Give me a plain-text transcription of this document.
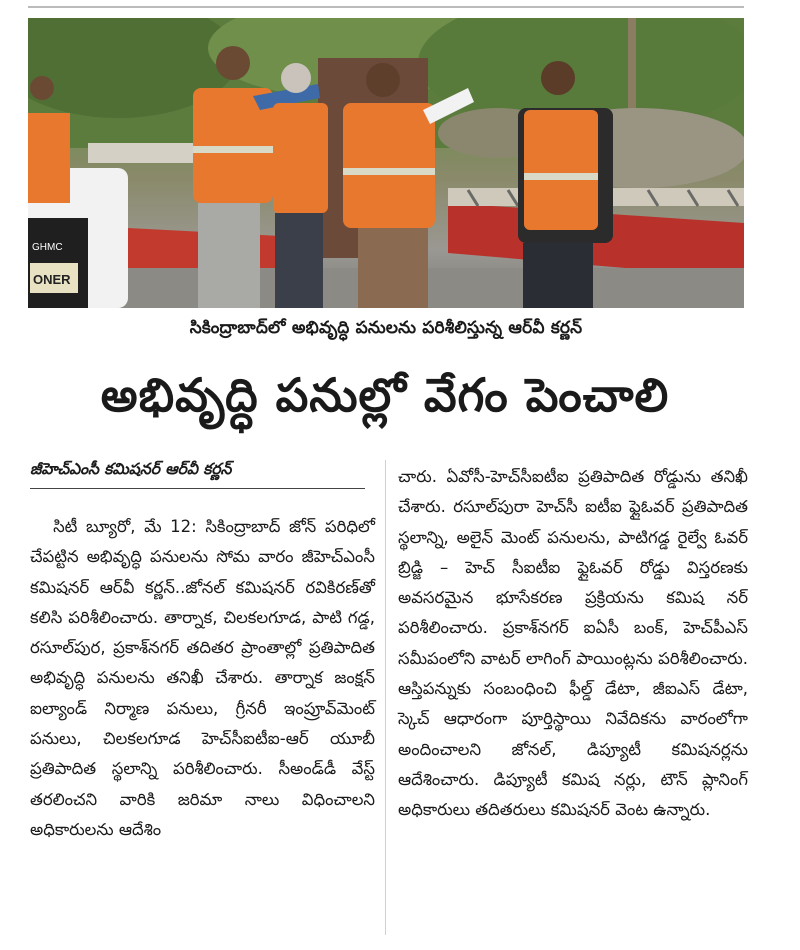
ONER
GHMC
సికింద్రాబాద్‌లో అభివృద్ధి పనులను పరిశీలిస్తున్న ఆర్‌వీ కర్ణన్
అభివృద్ధి పనుల్లో వేగం పెంచాలి
జీహెచ్‌ఎంసీ కమిషనర్ ఆర్‌వీ కర్ణన్

సిటీ బ్యూరో, మే 12: సికింద్రాబాద్ జోన్ పరిధిలో చేపట్టిన అభివృద్ధి పనులను సోమ వారం జీహెచ్‌ఎంసీ కమిషనర్ ఆర్‌వీ కర్ణన్..జోనల్ కమిషనర్ రవికిరణ్‌తో కలిసి పరిశీలించారు. తార్నాక, చిలకలగూడ, పాటి గడ్డ, రసూల్‌పుర, ప్రకాశ్‌నగర్ తదితర ప్రాంతాల్లో ప్రతిపాదిత అభివృద్ధి పనులను తనిఖీ చేశారు. తార్నాక జంక్షన్ ఐల్యాండ్ నిర్మాణ పనులు, గ్రీనరీ ఇంప్రూవ్‌మెంట్ పనులు, చిలకలగూడ హెచ్‌సీఐటీఐ-ఆర్ యూబీ ప్రతిపాదిత స్థలాన్ని పరిశీలించారు. సీఅండ్‌డీ వేస్ట్ తరలించని వారికి జరిమా నాలు విధించాలని అధికారులను ఆదేశిం

చారు. ఏవోసీ-హెచ్‌సీఐటీఐ ప్రతిపాదిత రోడ్డును తనిఖీ చేశారు. రసూల్‌పురా హెచ్‌సీ ఐటీఐ ఫ్లైఓవర్ ప్రతిపాదిత స్థలాన్ని, అలైన్ మెంట్ పనులను, పాటిగడ్డ రైల్వే ఓవర్ బ్రిడ్జి – హెచ్ సీఐటీఐ ఫ్లైఓవర్ రోడ్డు విస్తరణకు అవసరమైన భూసేకరణ ప్రక్రియను కమిష నర్ పరిశీలించారు. ప్రకాశ్‌నగర్ ఐఏసీ బంక్, హెచ్‌పీఎస్ సమీపంలోని వాటర్ లాగింగ్ పాయింట్లను పరిశీలించారు. ఆస్తిపన్నుకు సంబంధించి ఫీల్డ్ డేటా, జీఐఎస్ డేటా, స్కెచ్ ఆధారంగా పూర్తిస్థాయి నివేదికను వారంలోగా అందించాలని జోనల్, డిప్యూటీ కమిషనర్లను ఆదేశించారు. డిప్యూటీ కమిష నర్లు, టౌన్ ప్లానింగ్ అధికారులు తదితరులు కమిషనర్ వెంట ఉన్నారు.
